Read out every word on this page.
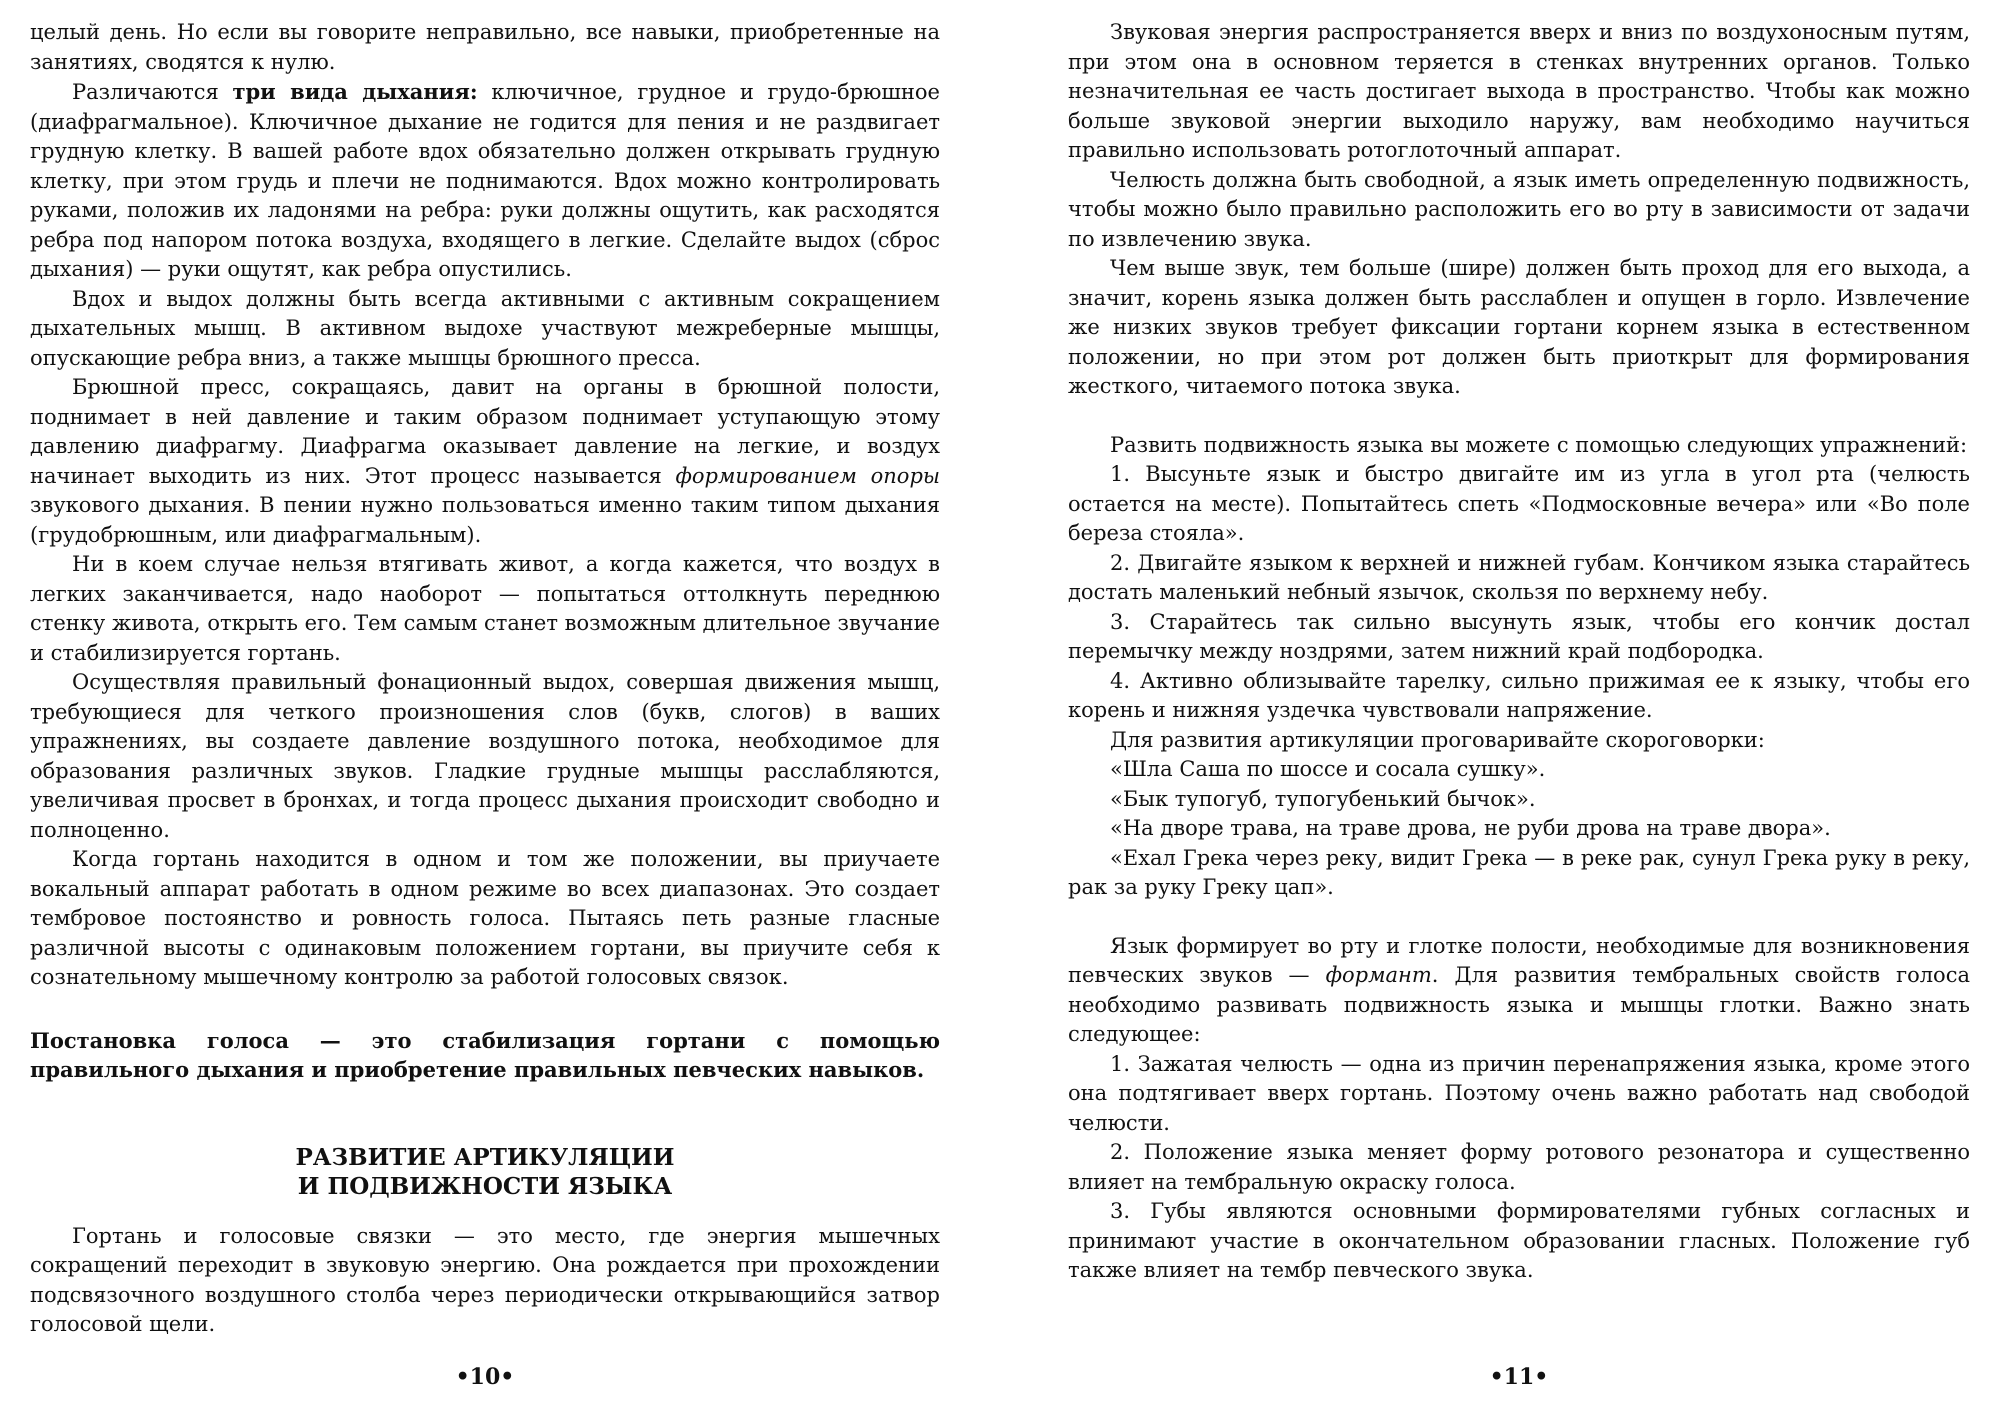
целый день. Но если вы говорите неправильно, все навыки, приобретенные на занятиях, сводятся к нулю.

Различаются три вида дыхания: ключичное, грудное и грудо-брюшное (диафрагмальное). Ключичное дыхание не годится для пения и не раздвигает грудную клетку. В вашей работе вдох обязательно должен открывать грудную клетку, при этом грудь и плечи не поднимаются. Вдох можно контролировать руками, положив их ладонями на ребра: руки должны ощутить, как расходятся ребра под напором потока воздуха, входящего в легкие. Сделайте выдох (сброс дыхания) — руки ощутят, как ребра опустились.

Вдох и выдох должны быть всегда активными с активным сокращением дыхательных мышц. В активном выдохе участвуют межреберные мышцы, опускающие ребра вниз, а также мышцы брюшного пресса.

Брюшной пресс, сокращаясь, давит на органы в брюшной полости, поднимает в ней давление и таким образом поднимает уступающую этому давлению диафрагму. Диафрагма оказывает давление на легкие, и воздух начинает выходить из них. Этот процесс называется формированием опоры звукового дыхания. В пении нужно пользоваться именно таким типом дыхания (грудобрюшным, или диафрагмальным).

Ни в коем случае нельзя втягивать живот, а когда кажется, что воздух в легких заканчивается, надо наоборот — попытаться оттолкнуть переднюю стенку живота, открыть его. Тем самым станет возможным длительное звучание и стабилизируется гортань.

Осуществляя правильный фонационный выдох, совершая движения мышц, требующиеся для четкого произношения слов (букв, слогов) в ваших упражнениях, вы создаете давление воздушного потока, необходимое для образования различных звуков. Гладкие грудные мышцы расслабляются, увеличивая просвет в бронхах, и тогда процесс дыхания происходит свободно и полноценно.

Когда гортань находится в одном и том же положении, вы приучаете вокальный аппарат работать в одном режиме во всех диапазонах. Это создает тембровое постоянство и ровность голоса. Пытаясь петь разные гласные различной высоты с одинаковым положением гортани, вы приучите себя к сознательному мышечному контролю за работой голосовых связок.

Постановка голоса — это стабилизация гортани с помощью правильного дыхания и приобретение правильных певческих навыков.

РАЗВИТИЕ АРТИКУЛЯЦИИ
И ПОДВИЖНОСТИ ЯЗЫКА

Гортань и голосовые связки — это место, где энергия мышечных сокращений переходит в звуковую энергию. Она рождается при прохождении подсвязочного воздушного столба через периодически открывающийся затвор голосовой щели.

•10•

Звуковая энергия распространяется вверх и вниз по воздухоносным путям, при этом она в основном теряется в стенках внутренних органов. Только незначительная ее часть достигает выхода в пространство. Чтобы как можно больше звуковой энергии выходило наружу, вам необходимо научиться правильно использовать ротоглоточный аппарат.

Челюсть должна быть свободной, а язык иметь определенную подвижность, чтобы можно было правильно расположить его во рту в зависимости от задачи по извлечению звука.

Чем выше звук, тем больше (шире) должен быть проход для его выхода, а значит, корень языка должен быть расслаблен и опущен в горло. Извлечение же низких звуков требует фиксации гортани корнем языка в естественном положении, но при этом рот должен быть приоткрыт для формирования жесткого, читаемого потока звука.

Развить подвижность языка вы можете с помощью следующих упражнений:

1. Высуньте язык и быстро двигайте им из угла в угол рта (челюсть остается на месте). Попытайтесь спеть «Подмосковные вечера» или «Во поле береза стояла».

2. Двигайте языком к верхней и нижней губам. Кончиком языка старайтесь достать маленький небный язычок, скользя по верхнему небу.

3. Старайтесь так сильно высунуть язык, чтобы его кончик достал перемычку между ноздрями, затем нижний край подбородка.

4. Активно облизывайте тарелку, сильно прижимая ее к языку, чтобы его корень и нижняя уздечка чувствовали напряжение.

Для развития артикуляции проговаривайте скороговорки:

«Шла Саша по шоссе и сосала сушку».

«Бык тупогуб, тупогубенький бычок».

«На дворе трава, на траве дрова, не руби дрова на траве двора».

«Ехал Грека через реку, видит Грека — в реке рак, сунул Грека руку в реку, рак за руку Греку цап».

Язык формирует во рту и глотке полости, необходимые для возникновения певческих звуков — формант. Для развития тембральных свойств голоса необходимо развивать подвижность языка и мышцы глотки. Важно знать следующее:

1. Зажатая челюсть — одна из причин перенапряжения языка, кроме этого она подтягивает вверх гортань. Поэтому очень важно работать над свободой челюсти.

2. Положение языка меняет форму ротового резонатора и существенно влияет на тембральную окраску голоса.

3. Губы являются основными формирователями губных согласных и принимают участие в окончательном образовании гласных. Положение губ также влияет на тембр певческого звука.

•11•
